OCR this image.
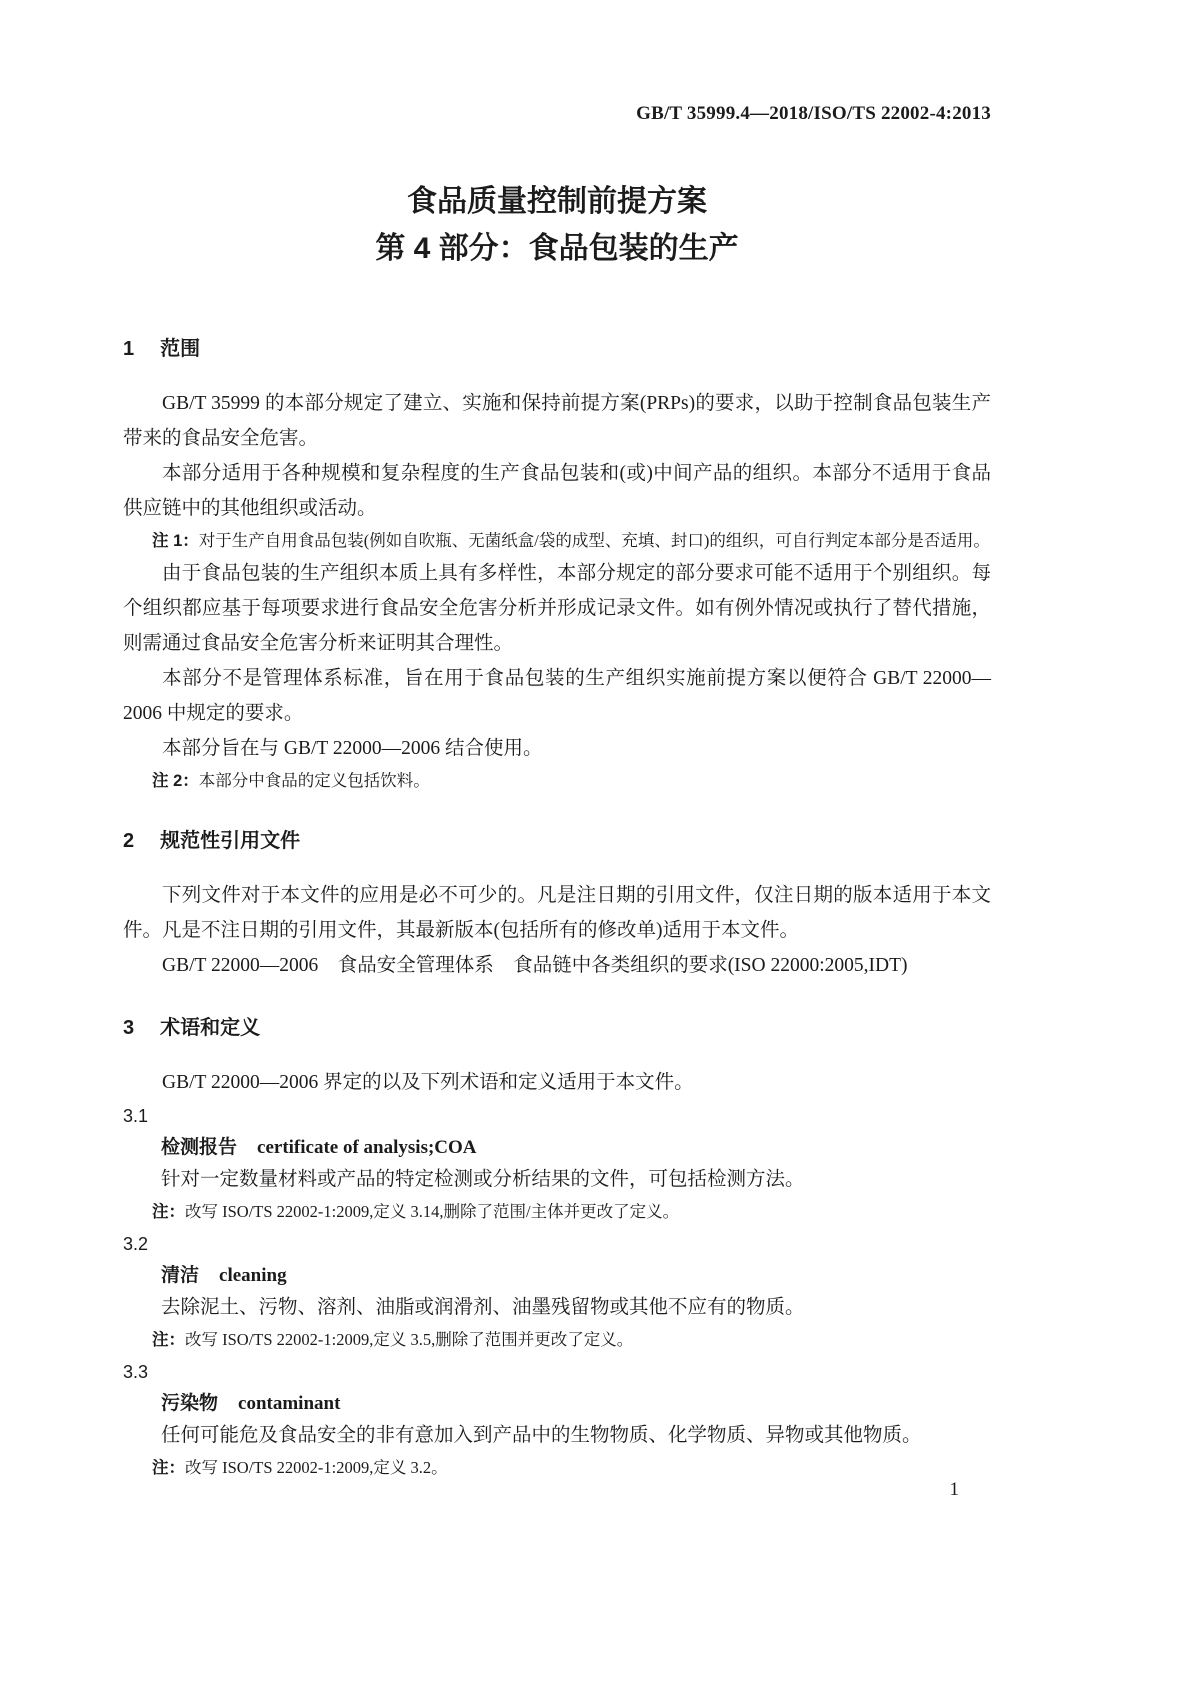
GB/T 35999.4—2018/ISO/TS 22002-4:2013
食品质量控制前提方案
第 4 部分：食品包装的生产
1 范围

GB/T 35999 的本部分规定了建立、实施和保持前提方案(PRPs)的要求，以助于控制食品包装生产带来的食品安全危害。

本部分适用于各种规模和复杂程度的生产食品包装和(或)中间产品的组织。本部分不适用于食品供应链中的其他组织或活动。

注 1：对于生产自用食品包装(例如自吹瓶、无菌纸盒/袋的成型、充填、封口)的组织，可自行判定本部分是否适用。

由于食品包装的生产组织本质上具有多样性，本部分规定的部分要求可能不适用于个别组织。每个组织都应基于每项要求进行食品安全危害分析并形成记录文件。如有例外情况或执行了替代措施，则需通过食品安全危害分析来证明其合理性。

本部分不是管理体系标准，旨在用于食品包装的生产组织实施前提方案以便符合 GB/T 22000—2006 中规定的要求。

本部分旨在与 GB/T 22000—2006 结合使用。

注 2：本部分中食品的定义包括饮料。

2 规范性引用文件

下列文件对于本文件的应用是必不可少的。凡是注日期的引用文件，仅注日期的版本适用于本文件。凡是不注日期的引用文件，其最新版本(包括所有的修改单)适用于本文件。

GB/T 22000—2006　食品安全管理体系　食品链中各类组织的要求(ISO 22000:2005,IDT)

3 术语和定义

GB/T 22000—2006 界定的以及下列术语和定义适用于本文件。

3.1

检测报告 certificate of analysis;COA

针对一定数量材料或产品的特定检测或分析结果的文件，可包括检测方法。

注：改写 ISO/TS 22002-1:2009,定义 3.14,删除了范围/主体并更改了定义。

3.2

清洁 cleaning

去除泥土、污物、溶剂、油脂或润滑剂、油墨残留物或其他不应有的物质。

注：改写 ISO/TS 22002-1:2009,定义 3.5,删除了范围并更改了定义。

3.3

污染物 contaminant

任何可能危及食品安全的非有意加入到产品中的生物物质、化学物质、异物或其他物质。

注：改写 ISO/TS 22002-1:2009,定义 3.2。

1
